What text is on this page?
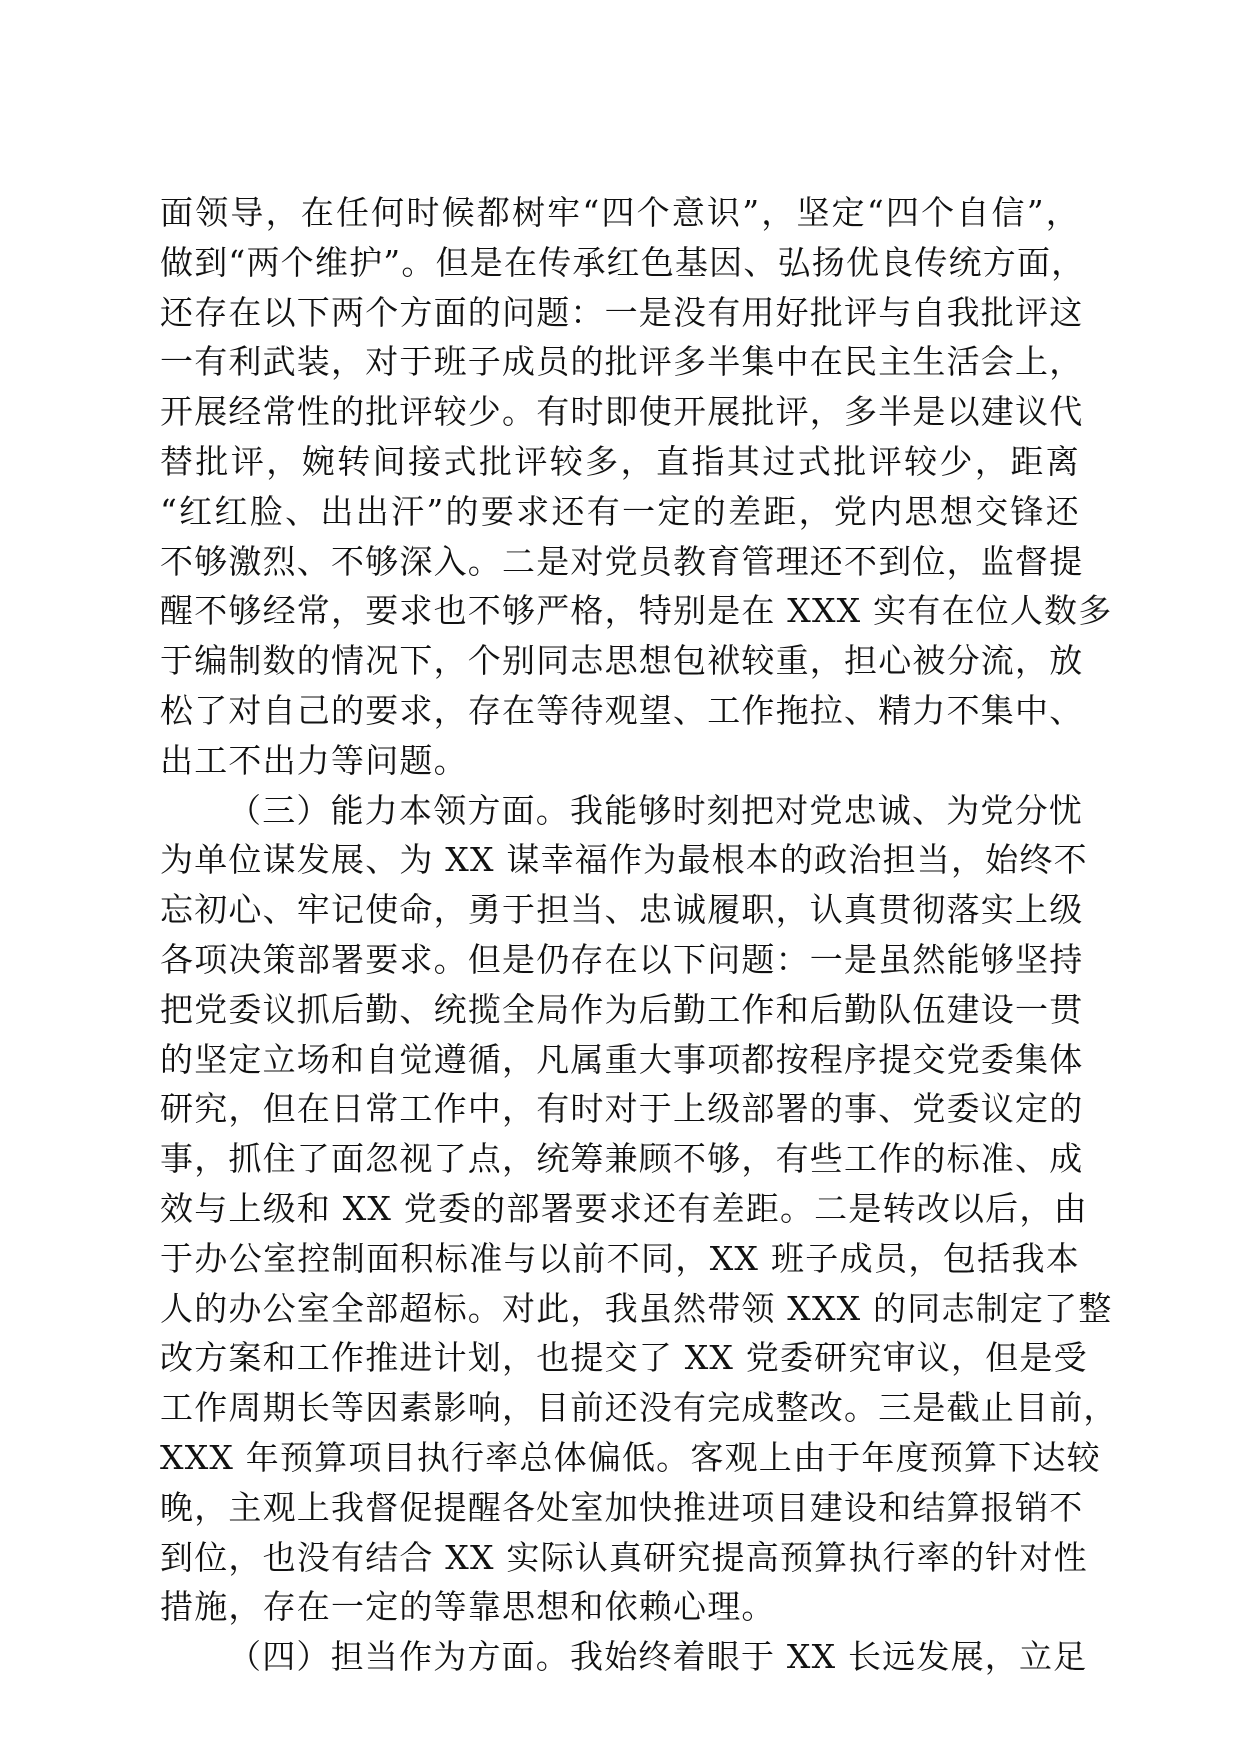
面领导，在任何时候都树牢“四个意识”，坚定“四个自信”，
做到“两个维护”。但是在传承红色基因、弘扬优良传统方面，
还存在以下两个方面的问题：一是没有用好批评与自我批评这
一有利武装，对于班子成员的批评多半集中在民主生活会上，
开展经常性的批评较少。有时即使开展批评，多半是以建议代
替批评，婉转间接式批评较多，直指其过式批评较少，距离
“红红脸、出出汗”的要求还有一定的差距，党内思想交锋还
不够激烈、不够深入。二是对党员教育管理还不到位，监督提
醒不够经常，要求也不够严格，特别是在 XXX 实有在位人数多
于编制数的情况下，个别同志思想包袱较重，担心被分流，放
松了对自己的要求，存在等待观望、工作拖拉、精力不集中、
出工不出力等问题。
（三）能力本领方面。我能够时刻把对党忠诚、为党分忧
为单位谋发展、为 XX 谋幸福作为最根本的政治担当，始终不
忘初心、牢记使命，勇于担当、忠诚履职，认真贯彻落实上级
各项决策部署要求。但是仍存在以下问题：一是虽然能够坚持
把党委议抓后勤、统揽全局作为后勤工作和后勤队伍建设一贯
的坚定立场和自觉遵循，凡属重大事项都按程序提交党委集体
研究，但在日常工作中，有时对于上级部署的事、党委议定的
事，抓住了面忽视了点，统筹兼顾不够，有些工作的标准、成
效与上级和 XX 党委的部署要求还有差距。二是转改以后，由
于办公室控制面积标准与以前不同，XX 班子成员，包括我本
人的办公室全部超标。对此，我虽然带领 XXX 的同志制定了整
改方案和工作推进计划，也提交了 XX 党委研究审议，但是受
工作周期长等因素影响，目前还没有完成整改。三是截止目前，
XXX 年预算项目执行率总体偏低。客观上由于年度预算下达较
晚，主观上我督促提醒各处室加快推进项目建设和结算报销不
到位，也没有结合 XX 实际认真研究提高预算执行率的针对性
措施，存在一定的等靠思想和依赖心理。
（四）担当作为方面。我始终着眼于 XX 长远发展，立足
